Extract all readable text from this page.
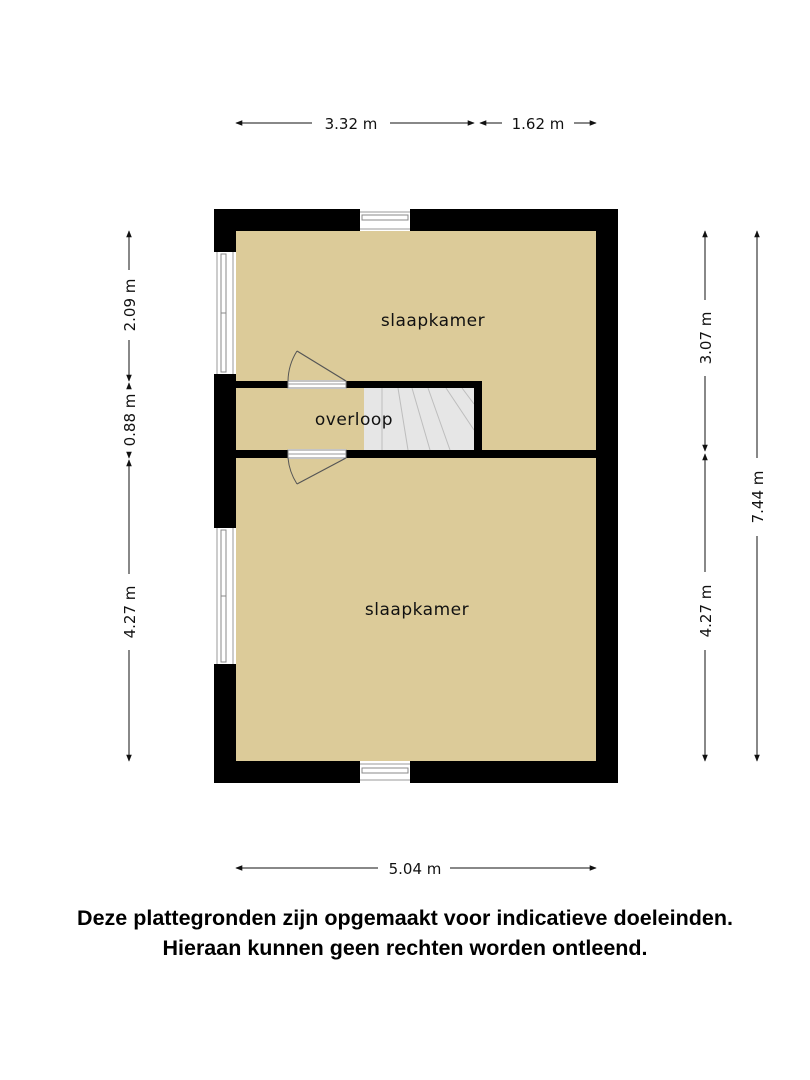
slaapkamer
overloop
slaapkamer
3.32 m	1.62 m
2.09 m
0.88 m
4.27 m
3.07 m
4.27 m
7.44 m
5.04 m
Deze plattegronden zijn opgemaakt voor indicatieve doeleinden.
Hieraan kunnen geen rechten worden ontleend.
